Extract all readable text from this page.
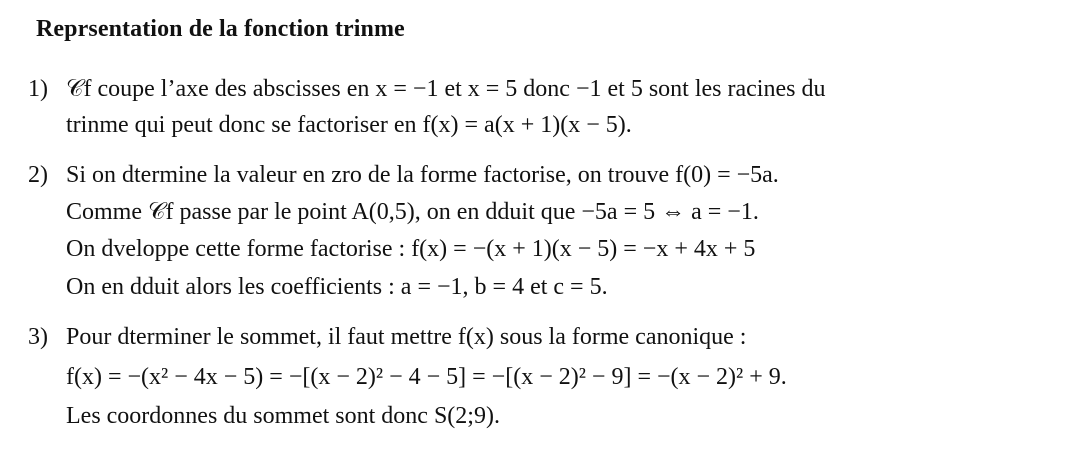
Reprsentation de la fonction trinme
1) 𝒞f coupe l’axe des abscisses en x = −1 et x = 5 donc −1 et 5 sont les racines du
trinme qui peut donc se factoriser en f(x) = a(x + 1)(x − 5).
2) Si on dtermine la valeur en zro de la forme factorise, on trouve f(0) = −5a.
Comme 𝒞f passe par le point A(0,5), on en dduit que −5a = 5 ⇔ a = −1.
On dveloppe cette forme factorise : f(x) = −(x + 1)(x − 5) = −x + 4x + 5
On en dduit alors les coefficients : a = −1, b = 4 et c = 5.
3) Pour dterminer le sommet, il faut mettre f(x) sous la forme canonique :
f(x) = −(x² − 4x − 5) = −[(x − 2)² − 4 − 5] = −[(x − 2)² − 9] = −(x − 2)² + 9.
Les coordonnes du sommet sont donc S(2;9).
